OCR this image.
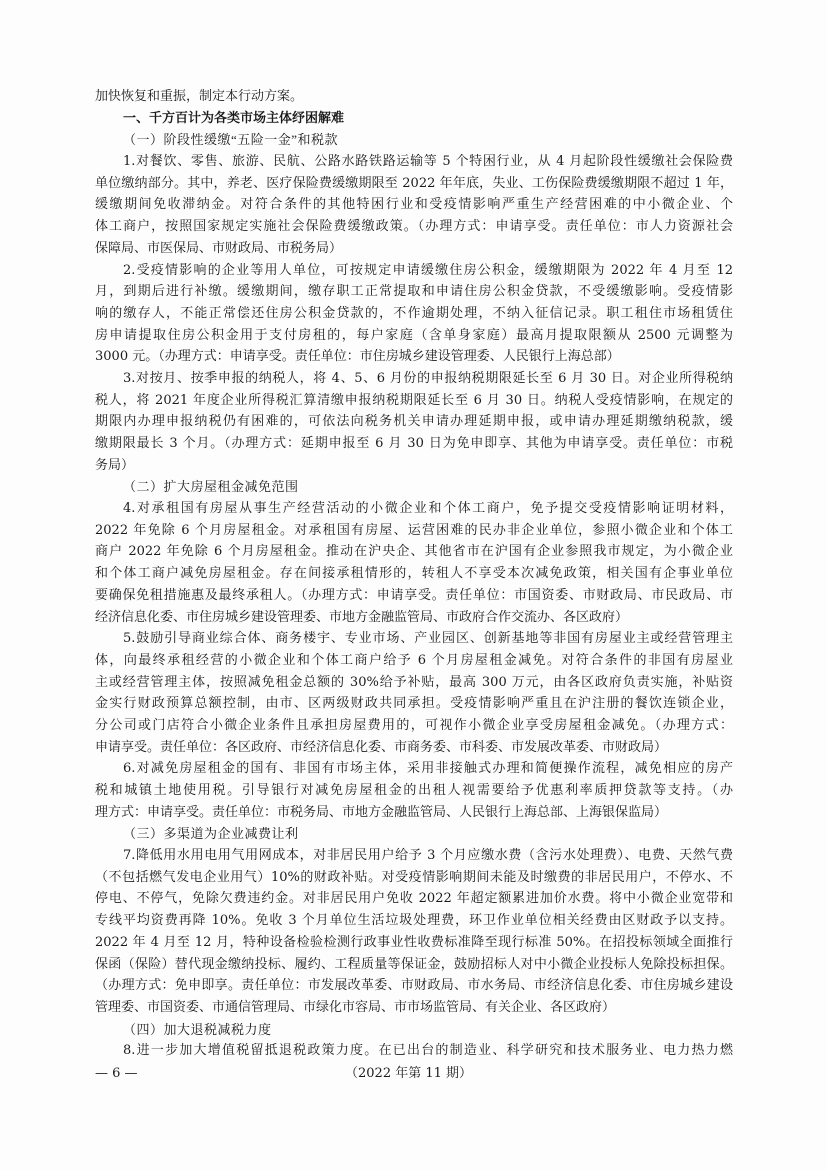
加快恢复和重振，制定本行动方案。
一、千方百计为各类市场主体纾困解难
（一）阶段性缓缴“五险一金”和税款
1.对餐饮、零售、旅游、民航、公路水路铁路运输等 5 个特困行业，从 4 月起阶段性缓缴社会保险费
单位缴纳部分。其中，养老、医疗保险费缓缴期限至 2022 年年底，失业、工伤保险费缓缴期限不超过 1 年，
缓缴期间免收滞纳金。对符合条件的其他特困行业和受疫情影响严重生产经营困难的中小微企业、个
体工商户，按照国家规定实施社会保险费缓缴政策。（办理方式：申请享受。责任单位：市人力资源社会
保障局、市医保局、市财政局、市税务局）
2.受疫情影响的企业等用人单位，可按规定申请缓缴住房公积金，缓缴期限为 2022 年 4 月至 12
月，到期后进行补缴。缓缴期间，缴存职工正常提取和申请住房公积金贷款，不受缓缴影响。受疫情影
响的缴存人，不能正常偿还住房公积金贷款的，不作逾期处理，不纳入征信记录。职工租住市场租赁住
房申请提取住房公积金用于支付房租的，每户家庭（含单身家庭）最高月提取限额从 2500 元调整为
3000 元。（办理方式：申请享受。责任单位：市住房城乡建设管理委、人民银行上海总部）
3.对按月、按季申报的纳税人，将 4、5、6 月份的申报纳税期限延长至 6 月 30 日。对企业所得税纳
税人，将 2021 年度企业所得税汇算清缴申报纳税期限延长至 6 月 30 日。纳税人受疫情影响，在规定的
期限内办理申报纳税仍有困难的，可依法向税务机关申请办理延期申报，或申请办理延期缴纳税款，缓
缴期限最长 3 个月。（办理方式：延期申报至 6 月 30 日为免申即享、其他为申请享受。责任单位：市税
务局）
（二）扩大房屋租金减免范围
4.对承租国有房屋从事生产经营活动的小微企业和个体工商户，免予提交受疫情影响证明材料，
2022 年免除 6 个月房屋租金。对承租国有房屋、运营困难的民办非企业单位，参照小微企业和个体工
商户 2022 年免除 6 个月房屋租金。推动在沪央企、其他省市在沪国有企业参照我市规定，为小微企业
和个体工商户减免房屋租金。存在间接承租情形的，转租人不享受本次减免政策，相关国有企事业单位
要确保免租措施惠及最终承租人。（办理方式：申请享受。责任单位：市国资委、市财政局、市民政局、市
经济信息化委、市住房城乡建设管理委、市地方金融监管局、市政府合作交流办、各区政府）
5.鼓励引导商业综合体、商务楼宇、专业市场、产业园区、创新基地等非国有房屋业主或经营管理主
体，向最终承租经营的小微企业和个体工商户给予 6 个月房屋租金减免。对符合条件的非国有房屋业
主或经营管理主体，按照减免租金总额的 30%给予补贴，最高 300 万元，由各区政府负责实施，补贴资
金实行财政预算总额控制，由市、区两级财政共同承担。受疫情影响严重且在沪注册的餐饮连锁企业，
分公司或门店符合小微企业条件且承担房屋费用的，可视作小微企业享受房屋租金减免。（办理方式：
申请享受。责任单位：各区政府、市经济信息化委、市商务委、市科委、市发展改革委、市财政局）
6.对减免房屋租金的国有、非国有市场主体，采用非接触式办理和简便操作流程，减免相应的房产
税和城镇土地使用税。引导银行对减免房屋租金的出租人视需要给予优惠利率质押贷款等支持。（办
理方式：申请享受。责任单位：市税务局、市地方金融监管局、人民银行上海总部、上海银保监局）
（三）多渠道为企业减费让利
7.降低用水用电用气用网成本，对非居民用户给予 3 个月应缴水费（含污水处理费）、电费、天然气费
（不包括燃气发电企业用气）10%的财政补贴。对受疫情影响期间未能及时缴费的非居民用户，不停水、不
停电、不停气，免除欠费违约金。对非居民用户免收 2022 年超定额累进加价水费。将中小微企业宽带和
专线平均资费再降 10%。免收 3 个月单位生活垃圾处理费，环卫作业单位相关经费由区财政予以支持。
2022 年 4 月至 12 月，特种设备检验检测行政事业性收费标准降至现行标准 50%。在招投标领域全面推行
保函（保险）替代现金缴纳投标、履约、工程质量等保证金，鼓励招标人对中小微企业投标人免除投标担保。
（办理方式：免申即享。责任单位：市发展改革委、市财政局、市水务局、市经济信息化委、市住房城乡建设
管理委、市国资委、市通信管理局、市绿化市容局、市市场监管局、有关企业、各区政府）
（四）加大退税减税力度
8.进一步加大增值税留抵退税政策力度。在已出台的制造业、科学研究和技术服务业、电力热力燃
— 6 —	（2022 年第 11 期）
